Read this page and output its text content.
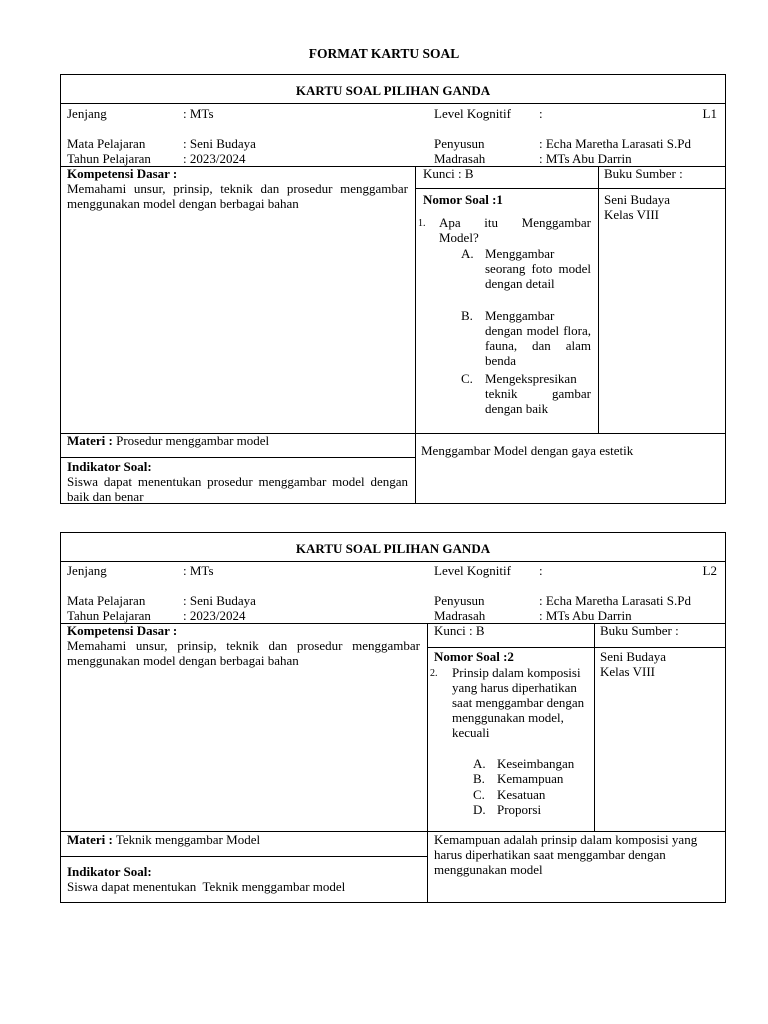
FORMAT KARTU SOAL
KARTU SOAL PILIHAN GANDA
Jenjang	: MTs
Mata Pelajaran	: Seni Budaya
Tahun Pelajaran : 2023/2024
Level Kognitif :	L1
Penyusun	: Echa Maretha Larasati S.Pd
Madrasah	: MTs Abu Darrin
Kompetensi Dasar :
Memahami unsur, prinsip, teknik dan prosedur menggambar menggunakan model dengan berbagai bahan
Kunci : B	Buku Sumber :
Seni Budaya
Kelas VIII
Nomor Soal :1
1. Apa itu Menggambar Model?
A. Menggambar seorang foto model dengan detail
B. Menggambar dengan model flora, fauna, dan alam benda
C. Mengekspresikan teknik gambar dengan baik
Materi : Prosedur menggambar model
Menggambar Model dengan gaya estetik
Indikator Soal:
Siswa dapat menentukan prosedur menggambar model dengan baik dan benar
KARTU SOAL PILIHAN GANDA
Jenjang	: MTs
Mata Pelajaran	: Seni Budaya
Tahun Pelajaran : 2023/2024
Level Kognitif :	L2
Penyusun	: Echa Maretha Larasati S.Pd
Madrasah	: MTs Abu Darrin
Kompetensi Dasar :
Memahami unsur, prinsip, teknik dan prosedur menggambar menggunakan model dengan berbagai bahan
Kunci : B	Buku Sumber :
Seni Budaya
Kelas VIII
Nomor Soal :2
2. Prinsip dalam komposisi yang harus diperhatikan saat menggambar dengan menggunakan model, kecuali
A. Keseimbangan
B. Kemampuan
C. Kesatuan
D. Proporsi
Materi : Teknik menggambar Model	Kemampuan adalah prinsip dalam komposisi yang harus diperhatikan saat menggambar dengan menggunakan model
Indikator Soal:
Siswa dapat menentukan  Teknik menggambar model
